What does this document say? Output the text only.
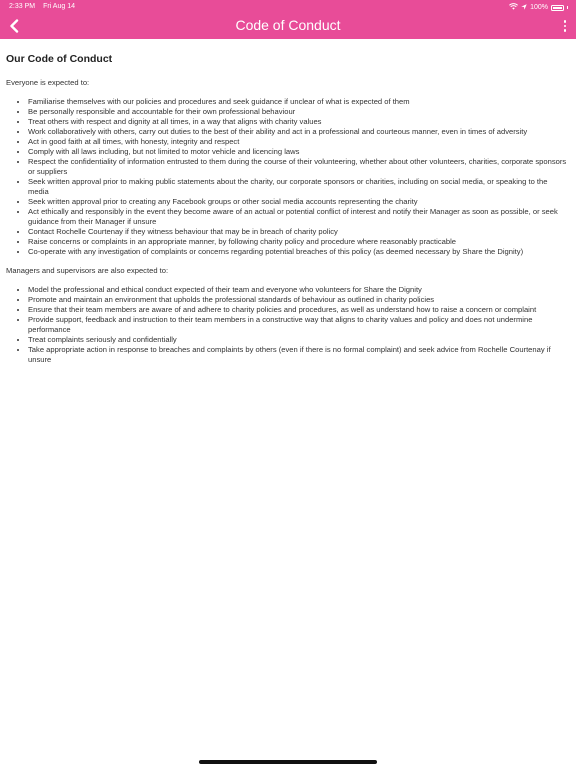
2:33 PM Fri Aug 14	100%
Code of Conduct
Our Code of Conduct

Everyone is expected to:

• Familiarise themselves with our policies and procedures and seek guidance if unclear of what is expected of them
• Be personally responsible and accountable for their own professional behaviour
• Treat others with respect and dignity at all times, in a way that aligns with charity values
• Work collaboratively with others, carry out duties to the best of their ability and act in a professional and courteous manner, even in times of adversity
• Act in good faith at all times, with honesty, integrity and respect
• Comply with all laws including, but not limited to motor vehicle and licencing laws
• Respect the confidentiality of information entrusted to them during the course of their volunteering, whether about other volunteers, charities, corporate sponsors or suppliers
• Seek written approval prior to making public statements about the charity, our corporate sponsors or charities, including on social media, or speaking to the media
• Seek written approval prior to creating any Facebook groups or other social media accounts representing the charity
• Act ethically and responsibly in the event they become aware of an actual or potential conflict of interest and notify their Manager as soon as possible, or seek guidance from their Manager if unsure
• Contact Rochelle Courtenay if they witness behaviour that may be in breach of charity policy
• Raise concerns or complaints in an appropriate manner, by following charity policy and procedure where reasonably practicable
• Co-operate with any investigation of complaints or concerns regarding potential breaches of this policy (as deemed necessary by Share the Dignity)

Managers and supervisors are also expected to:

• Model the professional and ethical conduct expected of their team and everyone who volunteers for Share the Dignity
• Promote and maintain an environment that upholds the professional standards of behaviour as outlined in charity policies
• Ensure that their team members are aware of and adhere to charity policies and procedures, as well as understand how to raise a concern or complaint
• Provide support, feedback and instruction to their team members in a constructive way that aligns to charity values and policy and does not undermine performance
• Treat complaints seriously and confidentially
• Take appropriate action in response to breaches and complaints by others (even if there is no formal complaint) and seek advice from Rochelle Courtenay if unsure
